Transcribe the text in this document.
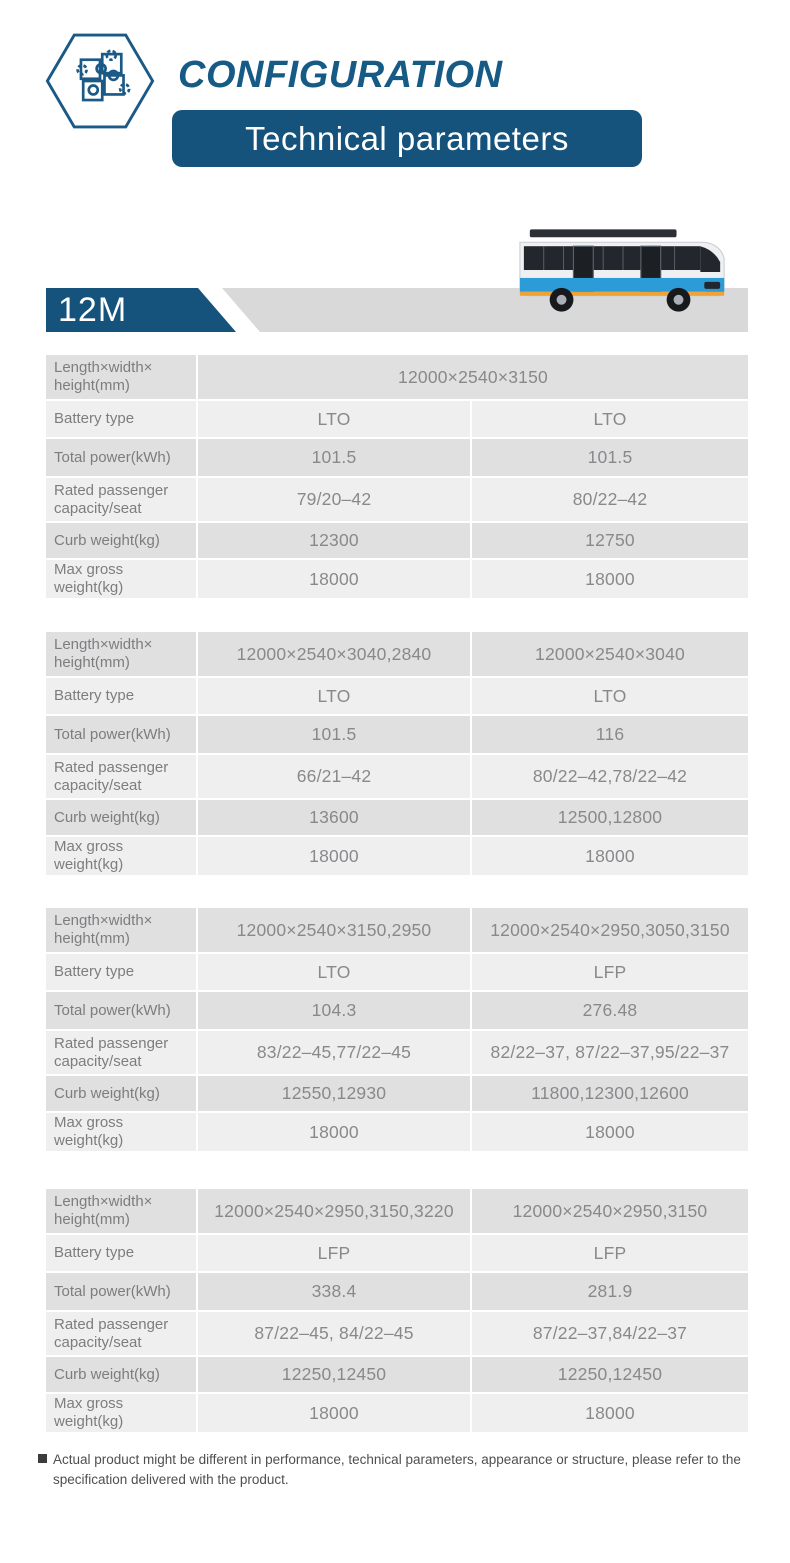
CONFIGURATION
Technical parameters
12M
Length×width× height(mm)	12000×2540×3150
Battery type	LTO	LTO
Total power(kWh)	101.5	101.5
Rated passenger capacity/seat	79/20–42	80/22–42
Curb weight(kg)	12300	12750
Max gross weight(kg)	18000	18000
Length×width× height(mm)	12000×2540×3040,2840	12000×2540×3040
Battery type	LTO	LTO
Total power(kWh)	101.5	116
Rated passenger capacity/seat	66/21–42	80/22–42,78/22–42
Curb weight(kg)	13600	12500,12800
Max gross weight(kg)	18000	18000
Length×width× height(mm)	12000×2540×3150,2950	12000×2540×2950,3050,3150
Battery type	LTO	LFP
Total power(kWh)	104.3	276.48
Rated passenger capacity/seat	83/22–45,77/22–45	82/22–37, 87/22–37,95/22–37
Curb weight(kg)	12550,12930	11800,12300,12600
Max gross weight(kg)	18000	18000
Length×width× height(mm)	12000×2540×2950,3150,3220	12000×2540×2950,3150
Battery type	LFP	LFP
Total power(kWh)	338.4	281.9
Rated passenger capacity/seat	87/22–45, 84/22–45	87/22–37,84/22–37
Curb weight(kg)	12250,12450	12250,12450
Max gross weight(kg)	18000	18000
Actual product might be different in performance, technical parameters, appearance or structure, please refer to the specification delivered with the product.
